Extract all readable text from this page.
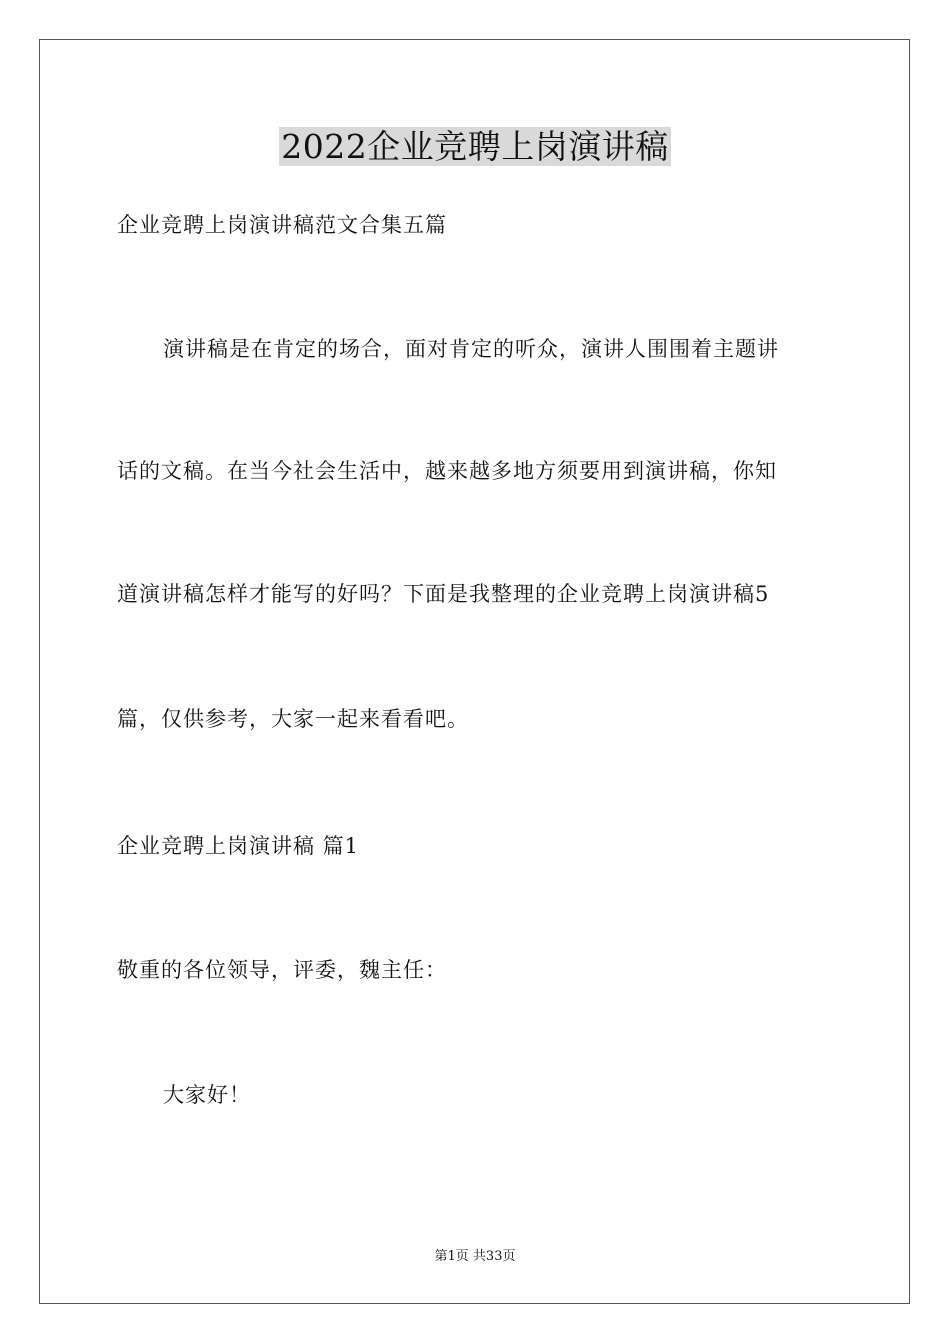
2022企业竞聘上岗演讲稿
企业竞聘上岗演讲稿范文合集五篇
演讲稿是在肯定的场合，面对肯定的听众，演讲人围围着主题讲
话的文稿。在当今社会生活中，越来越多地方须要用到演讲稿，你知
道演讲稿怎样才能写的好吗？下面是我整理的企业竞聘上岗演讲稿5
篇，仅供参考，大家一起来看看吧。
企业竞聘上岗演讲稿 篇1
敬重的各位领导，评委，魏主任：
大家好！
第1页 共33页
